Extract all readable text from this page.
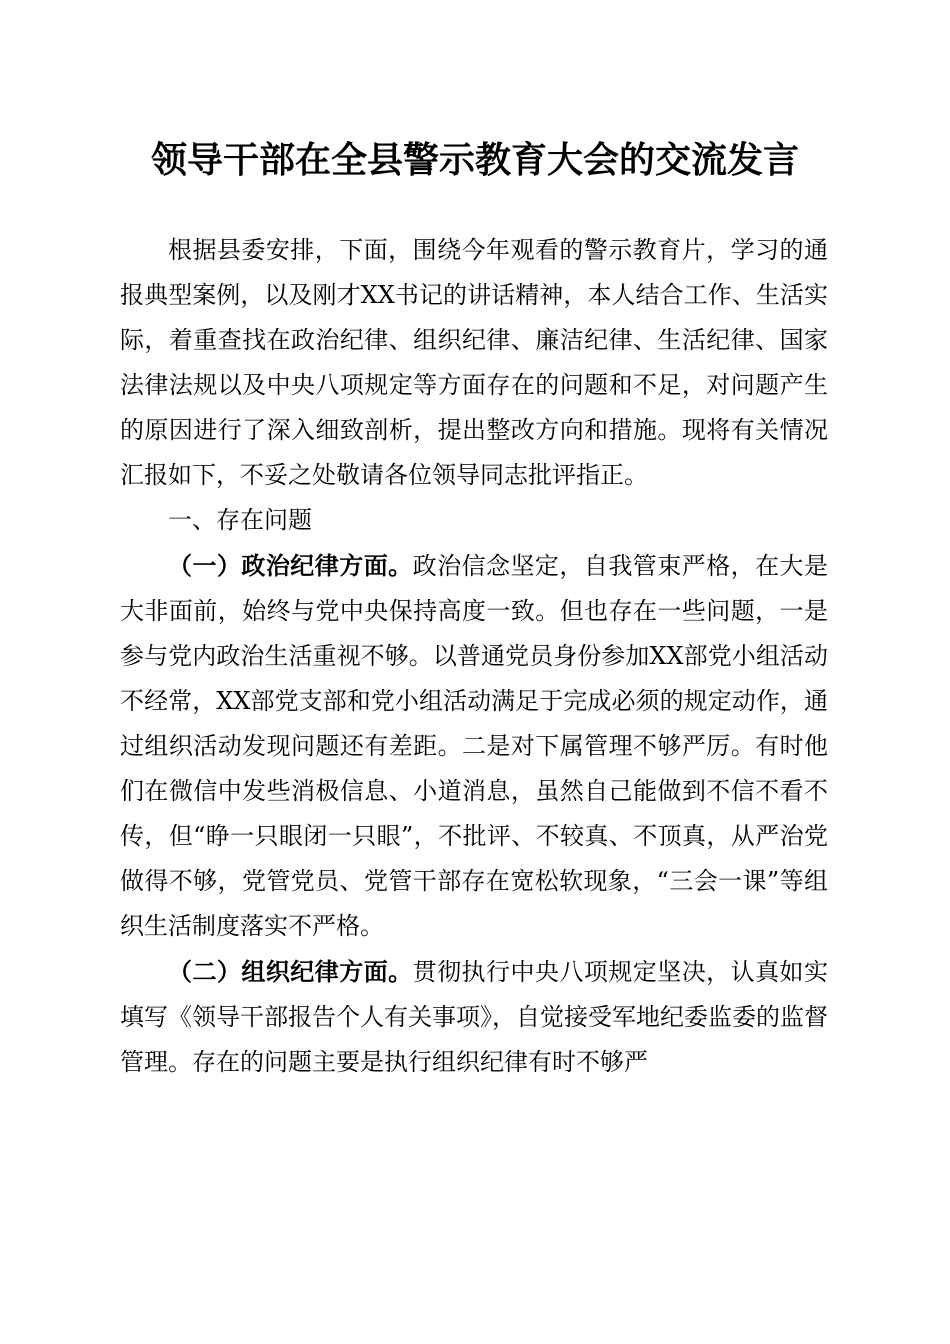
领导干部在全县警示教育大会的交流发言

根据县委安排，下面，围绕今年观看的警示教育片，学习的通报典型案例，以及刚才XX书记的讲话精神，本人结合工作、生活实际，着重查找在政治纪律、组织纪律、廉洁纪律、生活纪律、国家法律法规以及中央八项规定等方面存在的问题和不足，对问题产生的原因进行了深入细致剖析，提出整改方向和措施。现将有关情况汇报如下，不妥之处敬请各位领导同志批评指正。

一、存在问题

（一）政治纪律方面。政治信念坚定，自我管束严格，在大是大非面前，始终与党中央保持高度一致。但也存在一些问题，一是参与党内政治生活重视不够。以普通党员身份参加XX部党小组活动不经常，XX部党支部和党小组活动满足于完成必须的规定动作，通过组织活动发现问题还有差距。二是对下属管理不够严厉。有时他们在微信中发些消极信息、小道消息，虽然自己能做到不信不看不传，但“睁一只眼闭一只眼”，不批评、不较真、不顶真，从严治党做得不够，党管党员、党管干部存在宽松软现象，“三会一课”等组织生活制度落实不严格。

（二）组织纪律方面。贯彻执行中央八项规定坚决，认真如实填写《领导干部报告个人有关事项》，自觉接受军地纪委监委的监督管理。存在的问题主要是执行组织纪律有时不够严
